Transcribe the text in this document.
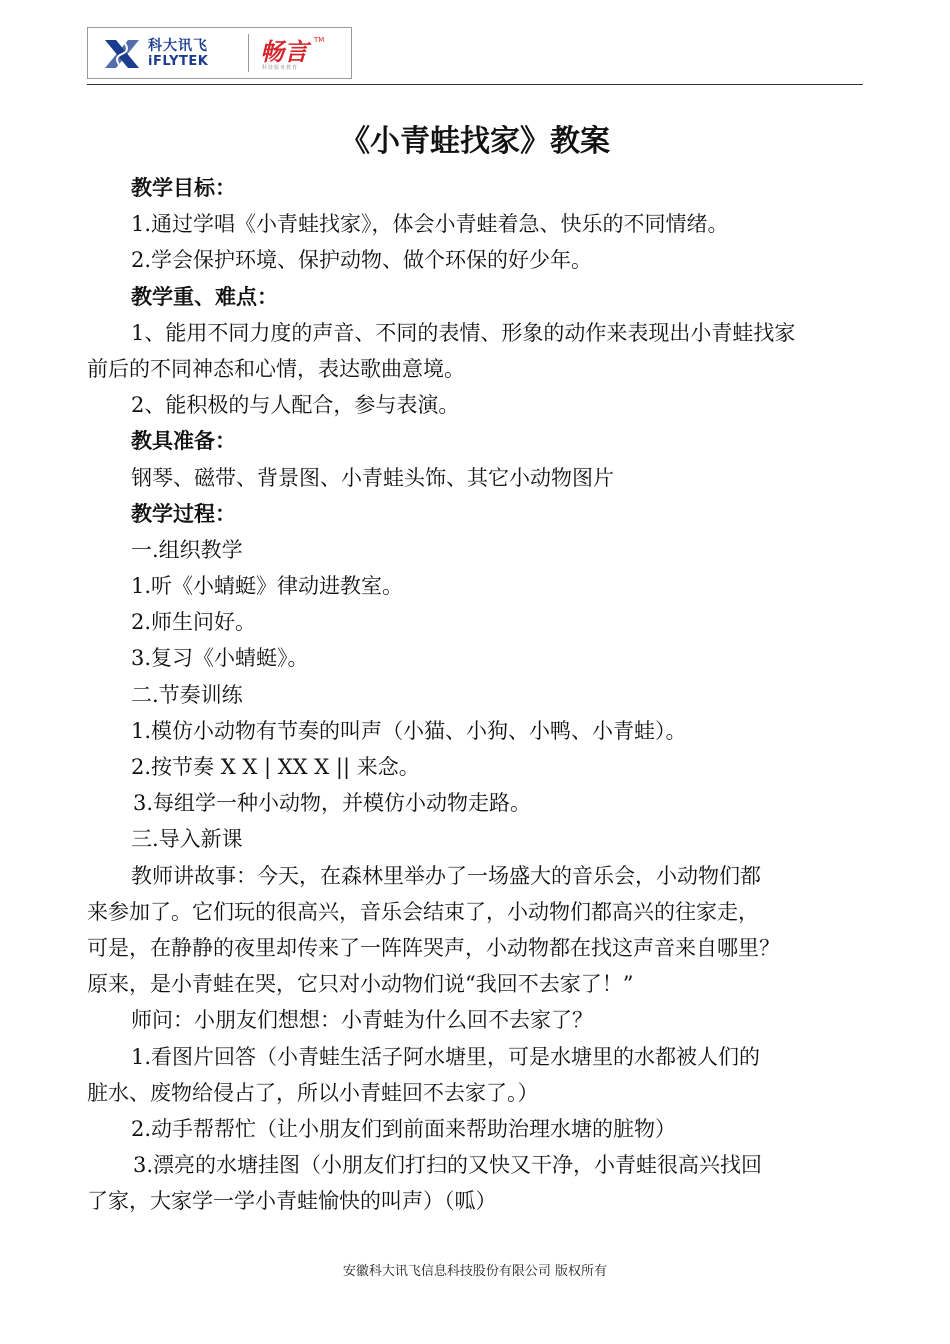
科大讯飞
iFLYTEK 畅言 TM
科技服务教育
《小青蛙找家》教案
教学目标：
1.通过学唱《小青蛙找家》，体会小青蛙着急、快乐的不同情绪。
2.学会保护环境、保护动物、做个环保的好少年。
教学重、难点：
1、能用不同力度的声音、不同的表情、形象的动作来表现出小青蛙找家
前后的不同神态和心情，表达歌曲意境。
2、能积极的与人配合，参与表演。
教具准备：
钢琴、磁带、背景图、小青蛙头饰、其它小动物图片
教学过程：
一.组织教学
1.听《小蜻蜓》律动进教室。
2.师生问好。
3.复习《小蜻蜓》。
二.节奏训练
1.模仿小动物有节奏的叫声（小猫、小狗、小鸭、小青蛙）。
2.按节奏 X X | XX X || 来念。
3.每组学一种小动物，并模仿小动物走路。
三.导入新课
教师讲故事：今天，在森林里举办了一场盛大的音乐会，小动物们都
来参加了。它们玩的很高兴，音乐会结束了，小动物们都高兴的往家走，
可是，在静静的夜里却传来了一阵阵哭声，小动物都在找这声音来自哪里？
原来，是小青蛙在哭，它只对小动物们说“我回不去家了！”
师问：小朋友们想想：小青蛙为什么回不去家了？
1.看图片回答（小青蛙生活子阿水塘里，可是水塘里的水都被人们的
脏水、废物给侵占了，所以小青蛙回不去家了。）
2.动手帮帮忙（让小朋友们到前面来帮助治理水塘的脏物）
3.漂亮的水塘挂图（小朋友们打扫的又快又干净，小青蛙很高兴找回
了家，大家学一学小青蛙愉快的叫声）（呱）
安徽科大讯飞信息科技股份有限公司 版权所有
